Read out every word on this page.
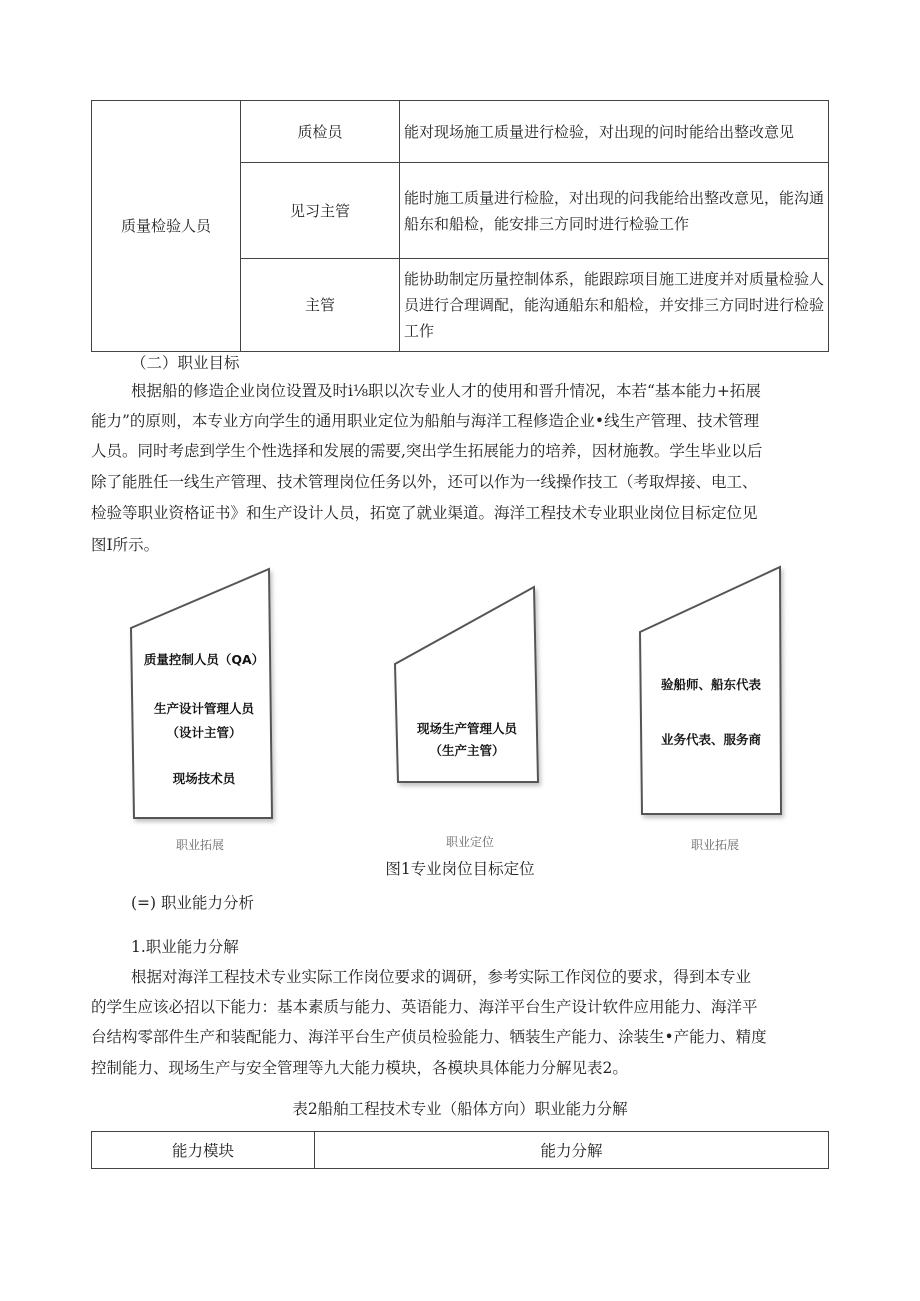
质量检验人员	质检员	能对现场施工质量进行检验，对出现的问时能给出整改意见
	见习主管	能时施工质量进行检脸，对出现的问我能给出整改意见，能沟通船东和船检，能安排三方同时进行检验工作
	主管	能协助制定历量控制体系，能跟踪项目施工进度并对质量检验人员进行合理调配，能沟通船东和船检，并安排三方同时进行检验工作
（二）职业目标
根据船的修造企业岗位设置及时i⅛职以次专业人才的使用和晋升情况，本若“基本能力+拓展
能力”的原则，本专业方向学生的通用职业定位为船舶与海洋工程修造企业•线生产管理、技术管理
人员。同时考虑到学生个性选择和发展的需要,突出学生拓展能力的培养，因材施教。学生毕业以后
除了能胜任一线生产管理、技术管理岗位任务以外，还可以作为一线操作技工（考取焊接、电工、
检验等职业资格证书》和生产设计人员，拓宽了就业渠道。海洋工程技术专业职业岗位目标定位见
图I所示。
质量控制人员（QA）
生产设计管理人员
（设计主管）
现场技术员
现场生产管理人员
（生产主管）
验船师、船东代表
业务代表、服务商
职业拓展	职业定位	职业拓展
图1专业岗位目标定位
(=) 职业能力分析
1.职业能力分解
根据对海洋工程技术专业实际工作岗位要求的调研，参考实际工作闵位的要求，得到本专业
的学生应该必招以下能力：基本素质与能力、英语能力、海洋平台生产设计软件应用能力、海洋平
台结构零部件生产和装配能力、海洋平台生产侦员检验能力、牺装生产能力、涂装生•产能力、精度
控制能力、现场生产与安全管理等九大能力模块，各模块具体能力分解见表2。
表2船舶工程技术专业（船体方向）职业能力分解
能力模块	能力分解
